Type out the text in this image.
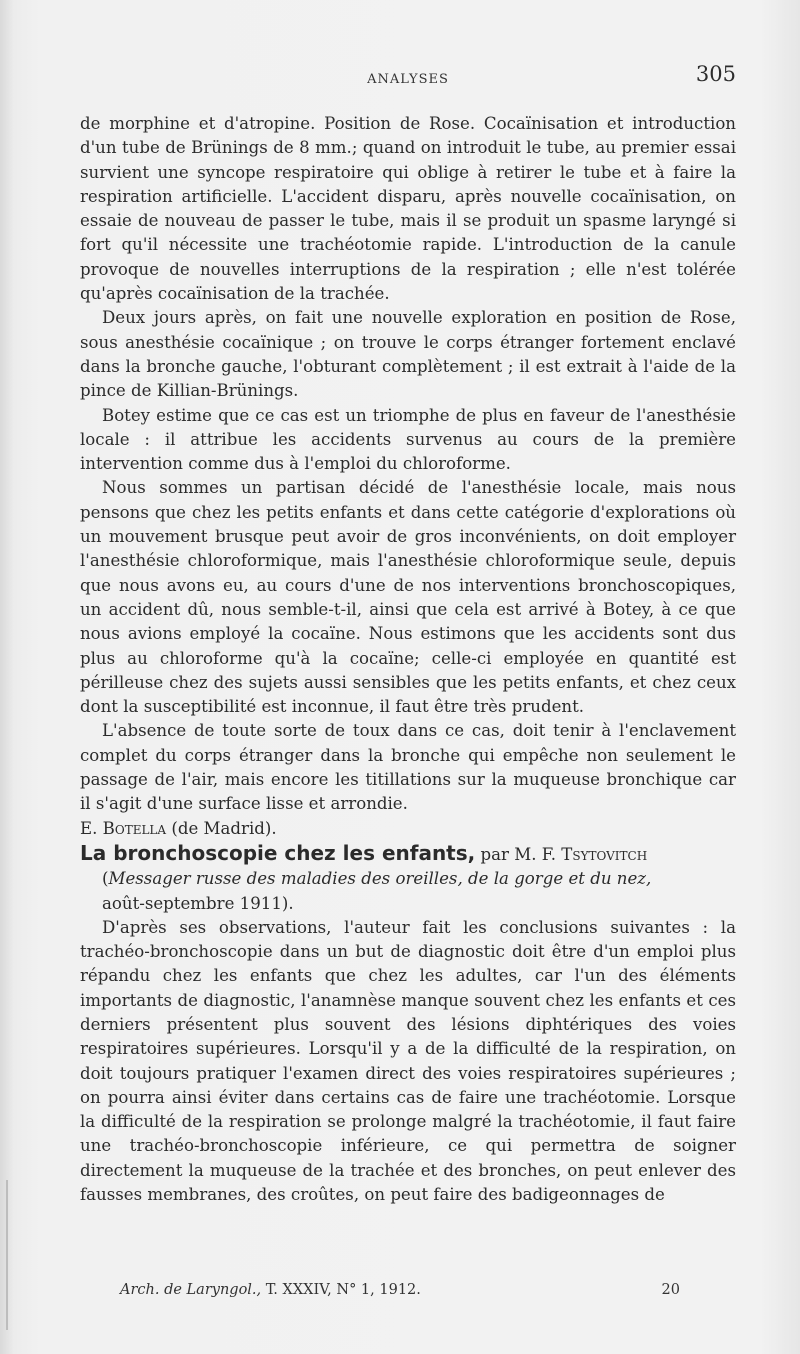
ANALYSES	305

de morphine et d'atropine. Position de Rose. Cocaïnisation et introduction d'un tube de Brünings de 8 mm.; quand on introduit le tube, au premier essai survient une syncope respiratoire qui oblige à retirer le tube et à faire la respiration artificielle. L'accident disparu, après nouvelle cocaïnisation, on essaie de nouveau de passer le tube, mais il se produit un spasme laryngé si fort qu'il nécessite une trachéotomie rapide. L'introduction de la canule provoque de nouvelles interruptions de la respiration ; elle n'est tolérée qu'après cocaïnisation de la trachée.

Deux jours après, on fait une nouvelle exploration en position de Rose, sous anesthésie cocaïnique ; on trouve le corps étranger fortement enclavé dans la bronche gauche, l'obturant complètement ; il est extrait à l'aide de la pince de Killian-Brünings.

Botey estime que ce cas est un triomphe de plus en faveur de l'anesthésie locale : il attribue les accidents survenus au cours de la première intervention comme dus à l'emploi du chloroforme.

Nous sommes un partisan décidé de l'anesthésie locale, mais nous pensons que chez les petits enfants et dans cette catégorie d'explorations où un mouvement brusque peut avoir de gros inconvénients, on doit employer l'anesthésie chloroformique, mais l'anesthésie chloroformique seule, depuis que nous avons eu, au cours d'une de nos interventions bronchoscopiques, un accident dû, nous semble-t-il, ainsi que cela est arrivé à Botey, à ce que nous avions employé la cocaïne. Nous estimons que les accidents sont dus plus au chloroforme qu'à la cocaïne; celle-ci employée en quantité est périlleuse chez des sujets aussi sensibles que les petits enfants, et chez ceux dont la susceptibilité est inconnue, il faut être très prudent.

L'absence de toute sorte de toux dans ce cas, doit tenir à l'enclavement complet du corps étranger dans la bronche qui empêche non seulement le passage de l'air, mais encore les titillations sur la muqueuse bronchique car il s'agit d'une surface lisse et arrondie.

E. Botella (de Madrid).

La bronchoscopie chez les enfants, par M. F. Tsytovitch
(Messager russe des maladies des oreilles, de la gorge et du nez,
août-septembre 1911).

D'après ses observations, l'auteur fait les conclusions suivantes : la trachéo-bronchoscopie dans un but de diagnostic doit être d'un emploi plus répandu chez les enfants que chez les adultes, car l'un des éléments importants de diagnostic, l'anamnèse manque souvent chez les enfants et ces derniers présentent plus souvent des lésions diphtériques des voies respiratoires supérieures. Lorsqu'il y a de la difficulté de la respiration, on doit toujours pratiquer l'examen direct des voies respiratoires supérieures ; on pourra ainsi éviter dans certains cas de faire une trachéotomie. Lorsque la difficulté de la respiration se prolonge malgré la trachéotomie, il faut faire une trachéo-bronchoscopie inférieure, ce qui permettra de soigner directement la muqueuse de la trachée et des bronches, on peut enlever des fausses membranes, des croûtes, on peut faire des badigeonnages de

Arch. de Laryngol., T. XXXIV, N° 1, 1912.	20
